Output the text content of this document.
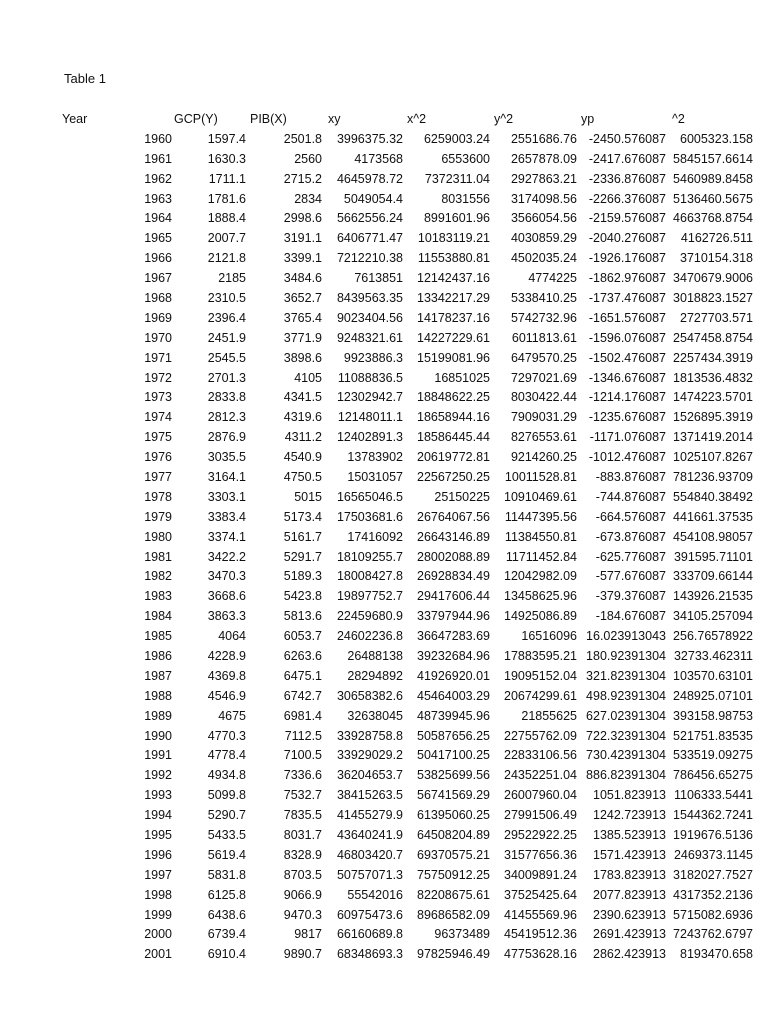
Table 1
Year		GCP(Y)	PIB(X)	xy	x^2	y^2	yp	^2
	1960	1597.4	2501.8	3996375.32	6259003.24	2551686.76	-2450.576087	6005323.158
	1961	1630.3	2560	4173568	6553600	2657878.09	-2417.676087	5845157.6614
	1962	1711.1	2715.2	4645978.72	7372311.04	2927863.21	-2336.876087	5460989.8458
	1963	1781.6	2834	5049054.4	8031556	3174098.56	-2266.376087	5136460.5675
	1964	1888.4	2998.6	5662556.24	8991601.96	3566054.56	-2159.576087	4663768.8754
	1965	2007.7	3191.1	6406771.47	10183119.21	4030859.29	-2040.276087	4162726.511
	1966	2121.8	3399.1	7212210.38	11553880.81	4502035.24	-1926.176087	3710154.318
	1967	2185	3484.6	7613851	12142437.16	4774225	-1862.976087	3470679.9006
	1968	2310.5	3652.7	8439563.35	13342217.29	5338410.25	-1737.476087	3018823.1527
	1969	2396.4	3765.4	9023404.56	14178237.16	5742732.96	-1651.576087	2727703.571
	1970	2451.9	3771.9	9248321.61	14227229.61	6011813.61	-1596.076087	2547458.8754
	1971	2545.5	3898.6	9923886.3	15199081.96	6479570.25	-1502.476087	2257434.3919
	1972	2701.3	4105	11088836.5	16851025	7297021.69	-1346.676087	1813536.4832
	1973	2833.8	4341.5	12302942.7	18848622.25	8030422.44	-1214.176087	1474223.5701
	1974	2812.3	4319.6	12148011.1	18658944.16	7909031.29	-1235.676087	1526895.3919
	1975	2876.9	4311.2	12402891.3	18586445.44	8276553.61	-1171.076087	1371419.2014
	1976	3035.5	4540.9	13783902	20619772.81	9214260.25	-1012.476087	1025107.8267
	1977	3164.1	4750.5	15031057	22567250.25	10011528.81	-883.876087	781236.93709
	1978	3303.1	5015	16565046.5	25150225	10910469.61	-744.876087	554840.38492
	1979	3383.4	5173.4	17503681.6	26764067.56	11447395.56	-664.576087	441661.37535
	1980	3374.1	5161.7	17416092	26643146.89	11384550.81	-673.876087	454108.98057
	1981	3422.2	5291.7	18109255.7	28002088.89	11711452.84	-625.776087	391595.71101
	1982	3470.3	5189.3	18008427.8	26928834.49	12042982.09	-577.676087	333709.66144
	1983	3668.6	5423.8	19897752.7	29417606.44	13458625.96	-379.376087	143926.21535
	1984	3863.3	5813.6	22459680.9	33797944.96	14925086.89	-184.676087	34105.257094
	1985	4064	6053.7	24602236.8	36647283.69	16516096	16.023913043	256.76578922
	1986	4228.9	6263.6	26488138	39232684.96	17883595.21	180.92391304	32733.462311
	1987	4369.8	6475.1	28294892	41926920.01	19095152.04	321.82391304	103570.63101
	1988	4546.9	6742.7	30658382.6	45464003.29	20674299.61	498.92391304	248925.07101
	1989	4675	6981.4	32638045	48739945.96	21855625	627.02391304	393158.98753
	1990	4770.3	7112.5	33928758.8	50587656.25	22755762.09	722.32391304	521751.83535
	1991	4778.4	7100.5	33929029.2	50417100.25	22833106.56	730.42391304	533519.09275
	1992	4934.8	7336.6	36204653.7	53825699.56	24352251.04	886.82391304	786456.65275
	1993	5099.8	7532.7	38415263.5	56741569.29	26007960.04	1051.823913	1106333.5441
	1994	5290.7	7835.5	41455279.9	61395060.25	27991506.49	1242.723913	1544362.7241
	1995	5433.5	8031.7	43640241.9	64508204.89	29522922.25	1385.523913	1919676.5136
	1996	5619.4	8328.9	46803420.7	69370575.21	31577656.36	1571.423913	2469373.1145
	1997	5831.8	8703.5	50757071.3	75750912.25	34009891.24	1783.823913	3182027.7527
	1998	6125.8	9066.9	55542016	82208675.61	37525425.64	2077.823913	4317352.2136
	1999	6438.6	9470.3	60975473.6	89686582.09	41455569.96	2390.623913	5715082.6936
	2000	6739.4	9817	66160689.8	96373489	45419512.36	2691.423913	7243762.6797
	2001	6910.4	9890.7	68348693.3	97825946.49	47753628.16	2862.423913	8193470.658
